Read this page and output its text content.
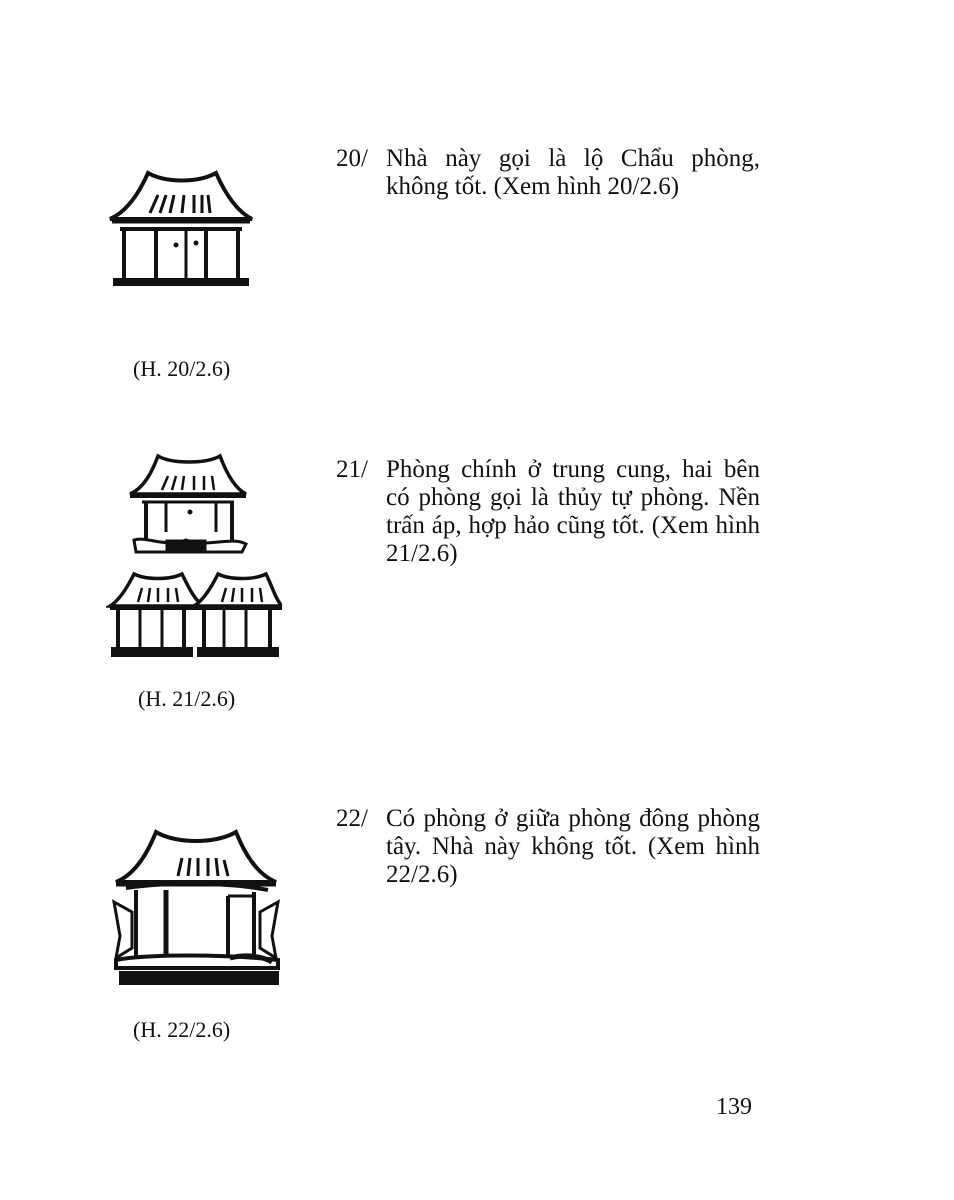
20/ Nhà này gọi là lộ Chẩu phòng, không tốt. (Xem hình 20/2.6)
(H. 20/2.6)
21/ Phòng chính ở trung cung, hai bên có phòng gọi là thủy tự phòng. Nền trấn áp, hợp hảo cũng tốt. (Xem hình 21/2.6)
(H. 21/2.6)
22/ Có phòng ở giữa phòng đông phòng tây. Nhà này không tốt. (Xem hình 22/2.6)
(H. 22/2.6)
139
